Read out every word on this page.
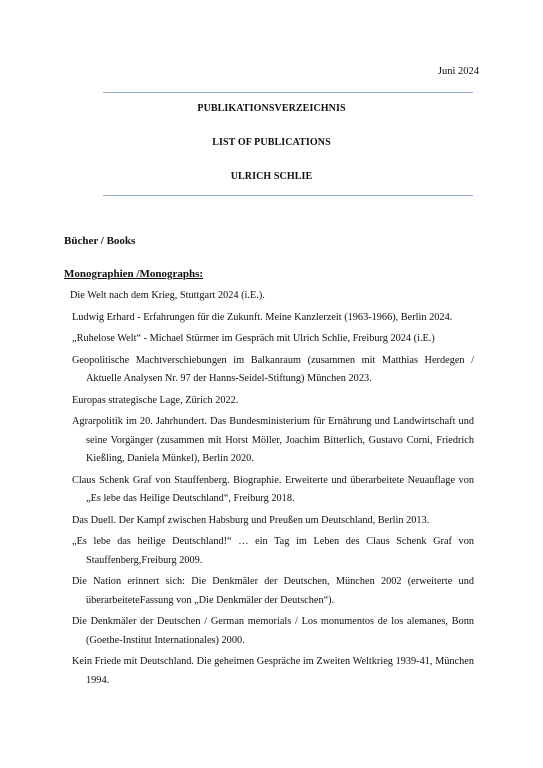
Juni 2024
PUBLIKATIONSVERZEICHNIS
LIST OF PUBLICATIONS
ULRICH SCHLIE
Bücher / Books
Monographien /Monographs:
Die Welt nach dem Krieg, Stuttgart 2024 (i.E.).
Ludwig Erhard - Erfahrungen für die Zukunft. Meine Kanzlerzeit (1963-1966), Berlin 2024.
„Ruhelose Welt“ - Michael Stürmer im Gespräch mit Ulrich Schlie, Freiburg 2024 (i.E.)
Geopolitische Machtverschiebungen im Balkanraum (zusammen mit Matthias Herdegen / Aktuelle Analysen Nr. 97 der Hanns-Seidel-Stiftung) München 2023.
Europas strategische Lage, Zürich 2022.
Agrarpolitik im 20. Jahrhundert. Das Bundesministerium für Ernährung und Landwirtschaft und seine Vorgänger (zusammen mit Horst Möller, Joachim Bitterlich, Gustavo Corni, Friedrich Kießling, Daniela Münkel), Berlin 2020.
Claus Schenk Graf von Stauffenberg. Biographie. Erweiterte und überarbeitete Neuauflage von „Es lebe das Heilige Deutschland“, Freiburg 2018.
Das Duell. Der Kampf zwischen Habsburg und Preußen um Deutschland, Berlin 2013.
„Es lebe das heilige Deutschland!“ … ein Tag im Leben des Claus Schenk Graf von Stauffenberg,Freiburg 2009.
Die Nation erinnert sich: Die Denkmäler der Deutschen, München 2002 (erweiterte und überarbeiteteFassung von „Die Denkmäler der Deutschen“).
Die Denkmäler der Deutschen / German memorials / Los monumentos de los alemanes, Bonn (Goethe-Institut Internationales) 2000.
Kein Friede mit Deutschland. Die geheimen Gespräche im Zweiten Weltkrieg 1939-41, München 1994.
